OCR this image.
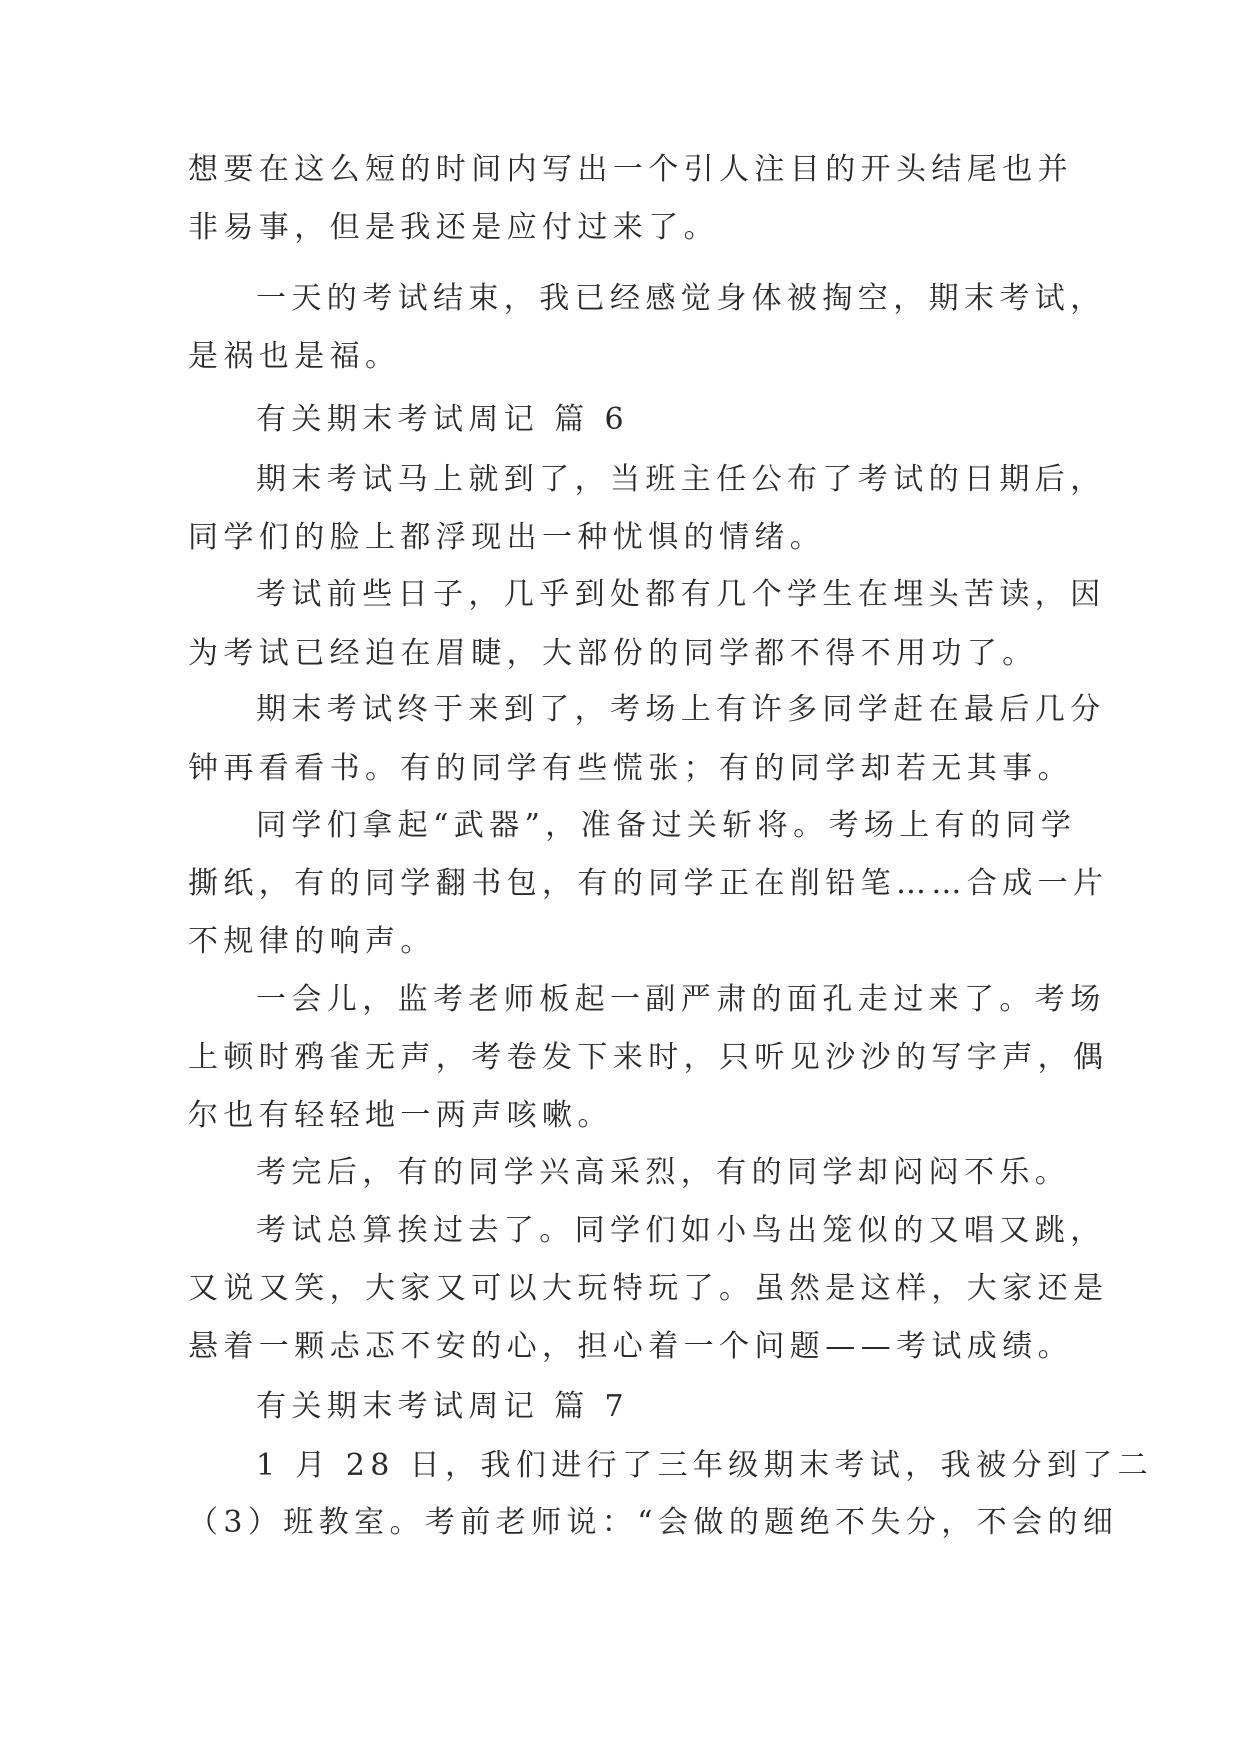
想要在这么短的时间内写出一个引人注目的开头结尾也并
非易事，但是我还是应付过来了。
一天的考试结束，我已经感觉身体被掏空，期末考试，
是祸也是福。
有关期末考试周记 篇 6
期末考试马上就到了，当班主任公布了考试的日期后，
同学们的脸上都浮现出一种忧惧的情绪。
考试前些日子，几乎到处都有几个学生在埋头苦读，因
为考试已经迫在眉睫，大部份的同学都不得不用功了。
期末考试终于来到了，考场上有许多同学赶在最后几分
钟再看看书。有的同学有些慌张；有的同学却若无其事。
同学们拿起“武器”，准备过关斩将。考场上有的同学
撕纸，有的同学翻书包，有的同学正在削铅笔……合成一片
不规律的响声。
一会儿，监考老师板起一副严肃的面孔走过来了。考场
上顿时鸦雀无声，考卷发下来时，只听见沙沙的写字声，偶
尔也有轻轻地一两声咳嗽。
考完后，有的同学兴高采烈，有的同学却闷闷不乐。
考试总算挨过去了。同学们如小鸟出笼似的又唱又跳，
又说又笑，大家又可以大玩特玩了。虽然是这样，大家还是
悬着一颗忐忑不安的心，担心着一个问题——考试成绩。
有关期末考试周记 篇 7
1 月 28 日，我们进行了三年级期末考试，我被分到了二
（3）班教室。考前老师说：“会做的题绝不失分，不会的细
